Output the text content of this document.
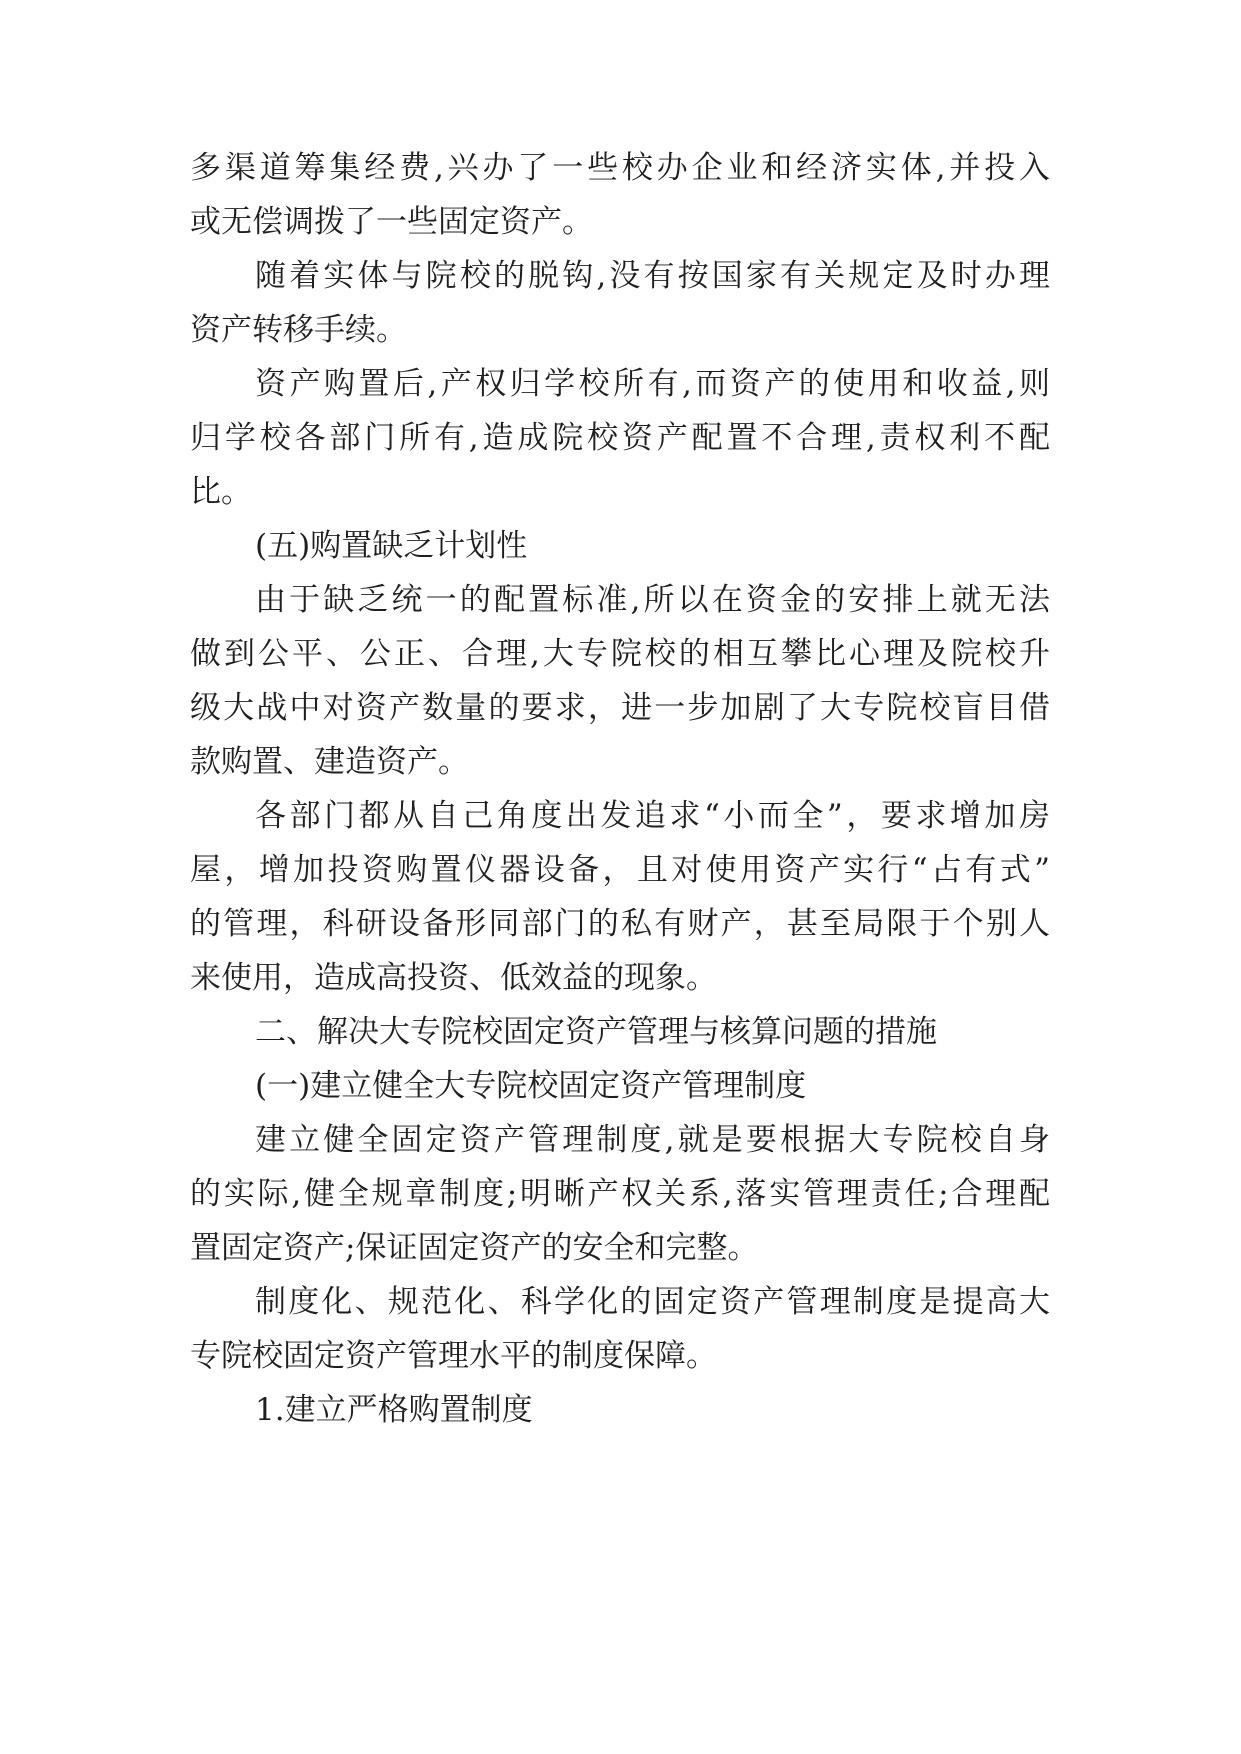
多渠道筹集经费,兴办了一些校办企业和经济实体,并投入
或无偿调拨了一些固定资产。
随着实体与院校的脱钩,没有按国家有关规定及时办理
资产转移手续。
资产购置后,产权归学校所有,而资产的使用和收益,则
归学校各部门所有,造成院校资产配置不合理,责权利不配
比。
(五)购置缺乏计划性
由于缺乏统一的配置标准,所以在资金的安排上就无法
做到公平、公正、合理,大专院校的相互攀比心理及院校升
级大战中对资产数量的要求，进一步加剧了大专院校盲目借
款购置、建造资产。
各部门都从自己角度出发追求“小而全”，要求增加房
屋，增加投资购置仪器设备，且对使用资产实行“占有式”
的管理，科研设备形同部门的私有财产，甚至局限于个别人
来使用，造成高投资、低效益的现象。
二、解决大专院校固定资产管理与核算问题的措施
(一)建立健全大专院校固定资产管理制度
建立健全固定资产管理制度,就是要根据大专院校自身
的实际,健全规章制度;明晰产权关系,落实管理责任;合理配
置固定资产;保证固定资产的安全和完整。
制度化、规范化、科学化的固定资产管理制度是提高大
专院校固定资产管理水平的制度保障。
1.建立严格购置制度
